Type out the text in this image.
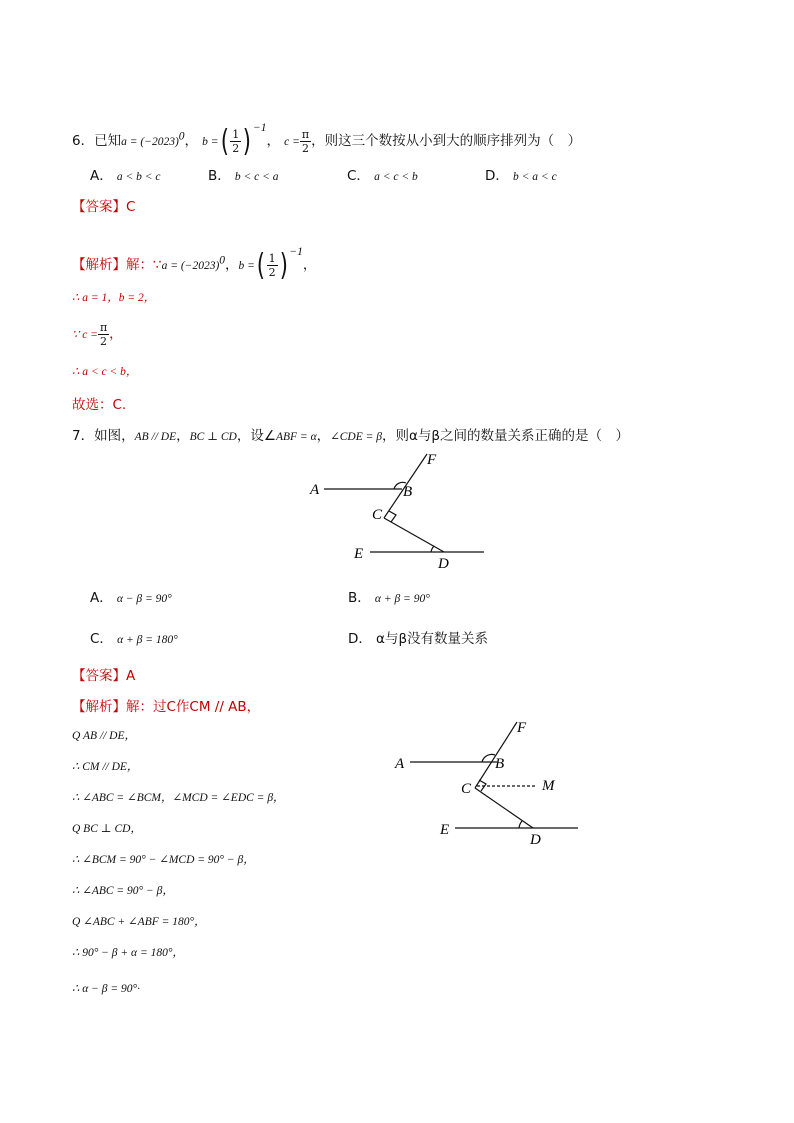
6．已知$a = (-2023)^0$， b =( $\frac{1}{2}$ ) $^{-1}$， $c = \frac{\pi}{2}$ ，则这三个数按从小到大的顺序排列为（　）
A． a < b < c	B． b < c < a	C． a < c < b	D． b < a < c
【答案】C
【解析】解：∵a = $(-2023)^0$，b =( $\frac{1}{2}$ ) $^{-1}$，
∴ a = 1，b = 2，
∵ $c = \frac{\pi}{2}$ ，
∴ a < c < b，
故选：C.
7．如图，AB // DE，BC ⊥ CD，设∠ABF = α，∠CDE = β，则α与β之间的数量关系正确的是（　）
A	B
C
D
E
F
A． α − β = 90°	B． α + β = 90°
C． α + β = 180°	D． α与β没有数量关系
【答案】A
【解析】解：过C作CM // AB，
Q AB // DE，
∴ CM // DE，
∴ ∠ABC = ∠BCM，∠MCD = ∠EDC = β，
Q BC ⊥ CD，
∴ ∠BCM = 90° − ∠MCD = 90° − β，
∴ ∠ABC = 90° − β，
Q ∠ABC + ∠ABF = 180°，
∴ 90° − β + α = 180°，
∴ α − β = 90°·
A	B
C
D
E
F
M
